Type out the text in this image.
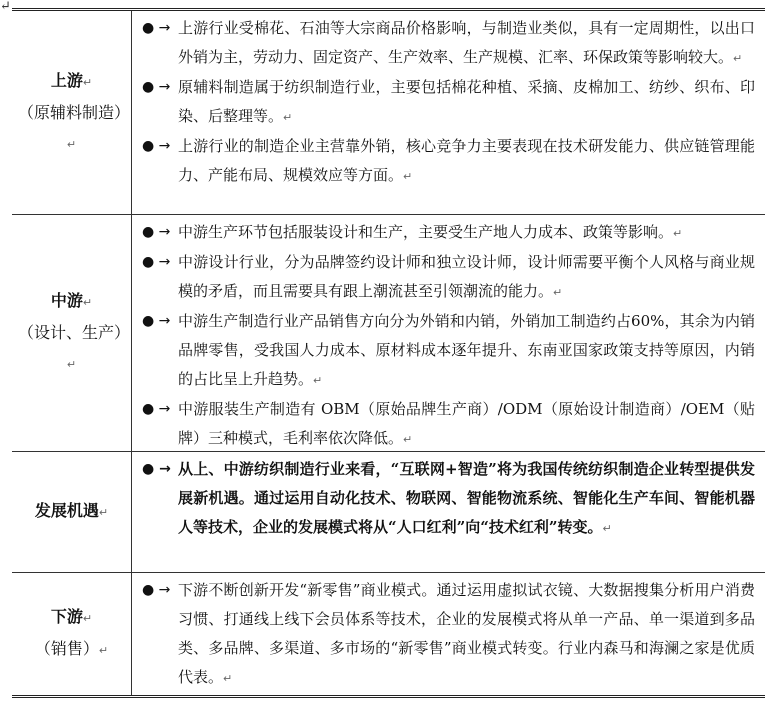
↵
上游↵
（原辅料制造）↵
● → 上游行业受棉花、石油等大宗商品价格影响，与制造业类似，具有一定周期性，以出口外销为主，劳动力、固定资产、生产效率、生产规模、汇率、环保政策等影响较大。↵
● → 原辅料制造属于纺织制造行业，主要包括棉花种植、采摘、皮棉加工、纺纱、织布、印染、后整理等。↵
● → 上游行业的制造企业主营靠外销，核心竞争力主要表现在技术研发能力、供应链管理能力、产能布局、规模效应等方面。↵
中游↵
（设计、生产）↵
● → 中游生产环节包括服装设计和生产，主要受生产地人力成本、政策等影响。↵
● → 中游设计行业，分为品牌签约设计师和独立设计师，设计师需要平衡个人风格与商业规模的矛盾，而且需要具有跟上潮流甚至引领潮流的能力。↵
● → 中游生产制造行业产品销售方向分为外销和内销，外销加工制造约占60%，其余为内销品牌零售，受我国人力成本、原材料成本逐年提升、东南亚国家政策支持等原因，内销的占比呈上升趋势。↵
● → 中游服装生产制造有 OBM（原始品牌生产商）/ODM（原始设计制造商）/OEM（贴牌）三种模式，毛利率依次降低。↵
发展机遇↵
● → 从上、中游纺织制造行业来看，“互联网+智造”将为我国传统纺织制造企业转型提供发展新机遇。通过运用自动化技术、物联网、智能物流系统、智能化生产车间、智能机器人等技术，企业的发展模式将从“人口红利”向“技术红利”转变。↵
下游↵
（销售）↵
● → 下游不断创新开发“新零售”商业模式。通过运用虚拟试衣镜、大数据搜集分析用户消费习惯、打通线上线下会员体系等技术，企业的发展模式将从单一产品、单一渠道到多品类、多品牌、多渠道、多市场的“新零售”商业模式转变。行业内森马和海澜之家是优质代表。↵
